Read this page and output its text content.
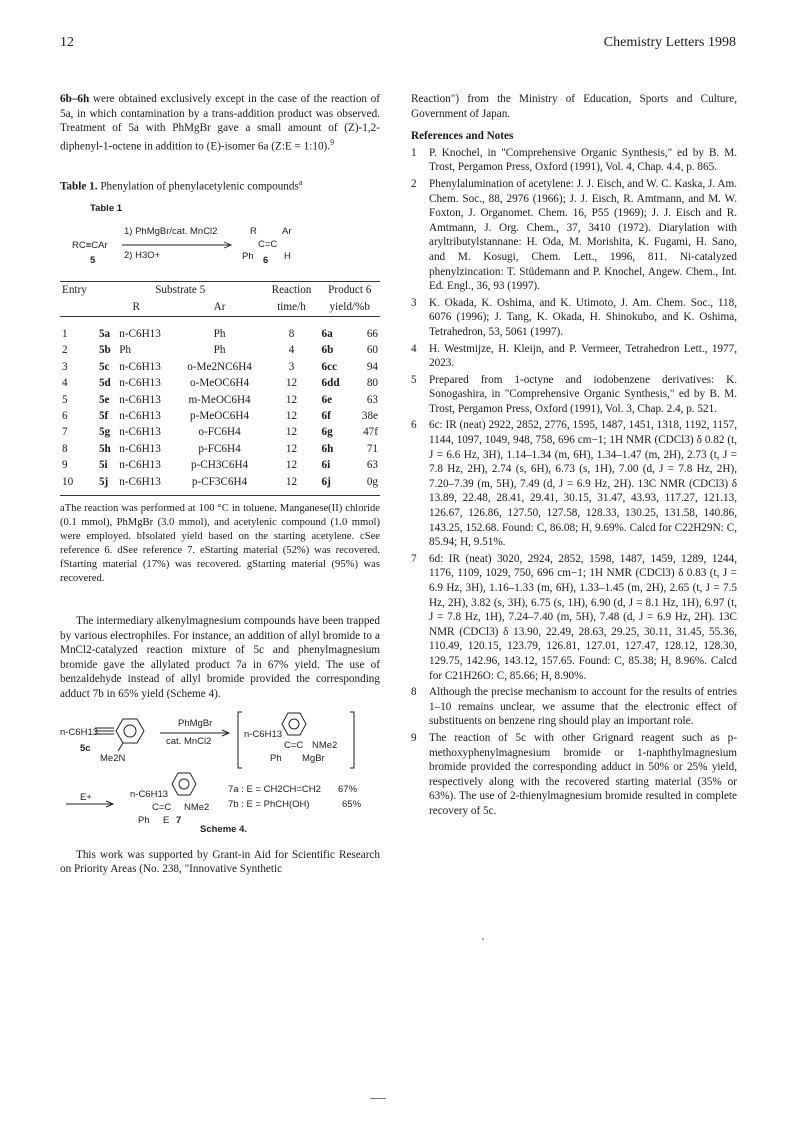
12	Chemistry Letters 1998

6b–6h were obtained exclusively except in the case of the reaction of 5a, in which contamination by a trans-addition product was observed. Treatment of 5a with PhMgBr gave a small amount of (Z)-1,2-diphenyl-1-octene in addition to (E)-isomer 6a (Z:E = 1:10).$^9$

Table 1. Phenylation of phenylacetylenic compounds$^a$
Table 1
RC≡CAr
5
1) PhMgBr/cat. MnCl2
2) H3O+
R	Ar
C=C
Ph 6 H
Entry	Substrate 5			Reaction	Product 6	
	R		Ar	time/h	yield/%b	
1	5a	n-C6H13	Ph	8	6a	66
2	5b	Ph	Ph	4	6b	60
3	5c	n-C6H13	o-Me2NC6H4	3	6cc	94
4	5d	n-C6H13	o-MeOC6H4	12	6dd	80
5	5e	n-C6H13	m-MeOC6H4	12	6e	63
6	5f	n-C6H13	p-MeOC6H4	12	6f	38e
7	5g	n-C6H13	o-FC6H4	12	6g	47f
8	5h	n-C6H13	p-FC6H4	12	6h	71
9	5i	n-C6H13	p-CH3C6H4	12	6i	63
10	5j	n-C6H13	p-CF3C6H4	12	6j	0g
aThe reaction was performed at 100 °C in toluene. Manganese(II) chloride (0.1 mmol), PhMgBr (3.0 mmol), and acetylenic compound (1.0 mmol) were employed. bIsolated yield based on the starting acetylene. cSee reference 6. dSee reference 7. eStarting material (52%) was recovered. fStarting material (17%) was recovered. gStarting material (95%) was recovered.

The intermediary alkenylmagnesium compounds have been trapped by various electrophiles. For instance, an addition of allyl bromide to a MnCl2-catalyzed reaction mixture of 5c and phenylmagnesium bromide gave the allylated product 7a in 67% yield. The use of benzaldehyde instead of allyl bromide provided the corresponding adduct 7b in 65% yield (Scheme 4).

n-C6H13
5c
Me2N
PhMgBr
cat. MnCl2
n-C6H13
C=C NMe2
Ph MgBr
E+	n-C6H13
C=C NMe2
Ph E 7
7a : E = CH2CH=CH2 67%
7b : E = PhCH(OH)	65%
Scheme 4.

This work was supported by Grant-in Aid for Scientific Research on Priority Areas (No. 238, "Innovative Synthetic

Reaction") from the Ministry of Education, Sports and Culture, Government of Japan.

References and Notes
1 P. Knochel, in "Comprehensive Organic Synthesis," ed by B. M. Trost, Pergamon Press, Oxford (1991), Vol. 4, Chap. 4.4, p. 865.
2 Phenylalumination of acetylene: J. J. Eisch, and W. C. Kaska, J. Am. Chem. Soc., 88, 2976 (1966); J. J. Eisch, R. Amtmann, and M. W. Foxton, J. Organomet. Chem. 16, P55 (1969); J. J. Eisch and R. Amtmann, J. Org. Chem., 37, 3410 (1972). Diarylation with aryltributylstannane: H. Oda, M. Morishita, K. Fugami, H. Sano, and M. Kosugi, Chem. Lett., 1996, 811. Ni-catalyzed phenylzincation: T. Stüdemann and P. Knochel, Angew. Chem., Int. Ed. Engl., 36, 93 (1997).
3 K. Okada, K. Oshima, and K. Utimoto, J. Am. Chem. Soc., 118, 6076 (1996); J. Tang, K. Okada, H. Shinokubo, and K. Oshima, Tetrahedron, 53, 5061 (1997).
4 H. Westmijze, H. Kleijn, and P. Vermeer, Tetrahedron Lett., 1977, 2023.
5 Prepared from 1-octyne and iodobenzene derivatives: K. Sonogashira, in "Comprehensive Organic Synthesis," ed by B. M. Trost, Pergamon Press, Oxford (1991), Vol. 3, Chap. 2.4, p. 521.
6 6c: IR (neat) 2922, 2852, 2776, 1595, 1487, 1451, 1318, 1192, 1157, 1144, 1097, 1049, 948, 758, 696 cm−1; 1H NMR (CDCl3) δ 0.82 (t, J = 6.6 Hz, 3H), 1.14–1.34 (m, 6H), 1.34–1.47 (m, 2H), 2.73 (t, J = 7.8 Hz, 2H), 2.74 (s, 6H), 6.73 (s, 1H), 7.00 (d, J = 7.8 Hz, 2H), 7.20–7.39 (m, 5H), 7.49 (d, J = 6.9 Hz, 2H). 13C NMR (CDCl3) δ 13.89, 22.48, 28.41, 29.41, 30.15, 31.47, 43.93, 117.27, 121.13, 126.67, 126.86, 127.50, 127.58, 128.33, 130.25, 131.58, 140.86, 143.25, 152.68. Found: C, 86.08; H, 9.69%. Calcd for C22H29N: C, 85.94; H, 9.51%.
7 6d: IR (neat) 3020, 2924, 2852, 1598, 1487, 1459, 1289, 1244, 1176, 1109, 1029, 750, 696 cm−1; 1H NMR (CDCl3) δ 0.83 (t, J = 6.9 Hz, 3H), 1.16–1.33 (m, 6H), 1.33–1.45 (m, 2H), 2.65 (t, J = 7.5 Hz, 2H), 3.82 (s, 3H), 6.75 (s, 1H), 6.90 (d, J = 8.1 Hz, 1H), 6.97 (t, J = 7.8 Hz, 1H), 7.24–7.40 (m, 5H), 7.48 (d, J = 6.9 Hz, 2H). 13C NMR (CDCl3) δ 13.90, 22.49, 28.63, 29.25, 30.11, 31.45, 55.36, 110.49, 120.15, 123.79, 126.81, 127.01, 127.47, 128.12, 128.30, 129.75, 142.96, 143.12, 157.65. Found: C, 85.38; H, 8.96%. Calcd for C21H26O: C, 85.66; H, 8.90%.
8 Although the precise mechanism to account for the results of entries 1–10 remains unclear, we assume that the electronic effect of substituents on benzene ring should play an important role.
9 The reaction of 5c with other Grignard reagent such as p-methoxyphenylmagnesium bromide or 1-naphthylmagnesium bromide provided the corresponding adduct in 50% or 25% yield, respectively along with the recovered starting material (35% or 63%). The use of 2-thienylmagnesium bromide resulted in complete recovery of 5c.
